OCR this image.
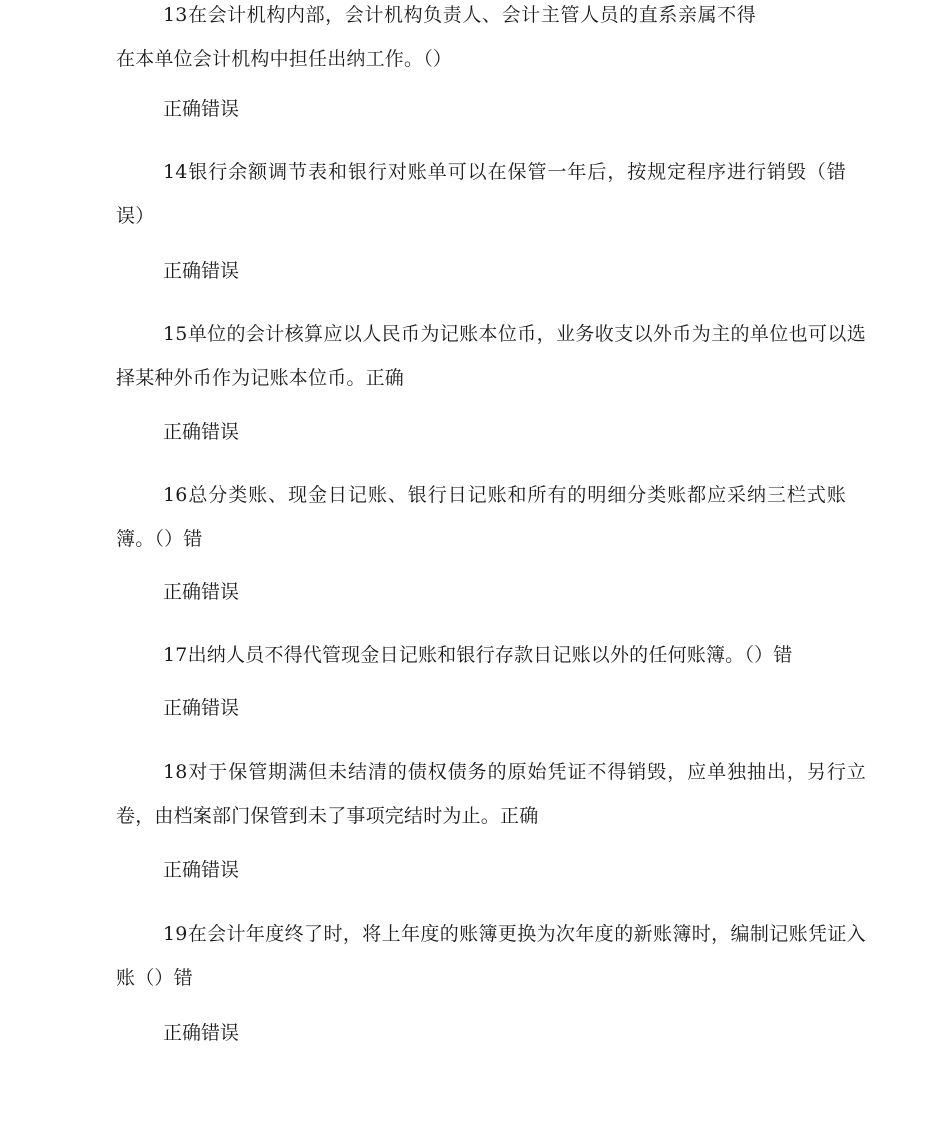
13在会计机构内部，会计机构负责人、会计主管人员的直系亲属不得在本单位会计机构中担任出纳工作。（）

正确错误

14银行余额调节表和银行对账单可以在保管一年后，按规定程序进行销毁（错误）

正确错误

15单位的会计核算应以人民币为记账本位币，业务收支以外币为主的单位也可以选择某种外币作为记账本位币。正确

正确错误

16总分类账、现金日记账、银行日记账和所有的明细分类账都应采纳三栏式账簿。（）错

正确错误

17出纳人员不得代管现金日记账和银行存款日记账以外的任何账簿。（）错

正确错误

18对于保管期满但未结清的债权债务的原始凭证不得销毁，应单独抽出，另行立卷，由档案部门保管到未了事项完结时为止。正确

正确错误

19在会计年度终了时，将上年度的账簿更换为次年度的新账簿时，编制记账凭证入账（）错

正确错误
